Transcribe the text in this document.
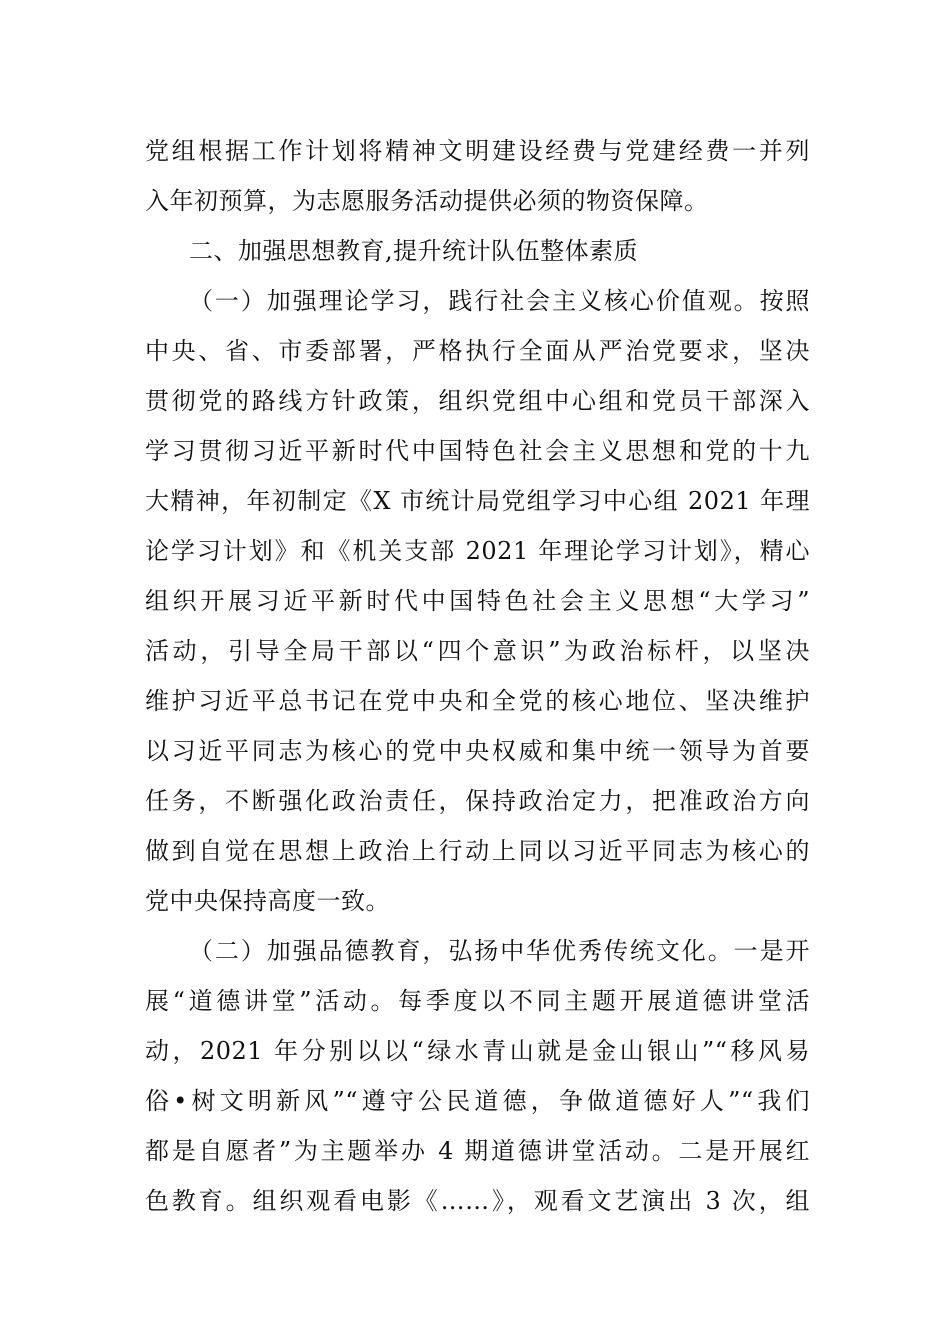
党组根据工作计划将精神文明建设经费与党建经费一并列
入年初预算，为志愿服务活动提供必须的物资保障。
二、加强思想教育,提升统计队伍整体素质
（一）加强理论学习，践行社会主义核心价值观。按照
中央、省、市委部署，严格执行全面从严治党要求，坚决
贯彻党的路线方针政策，组织党组中心组和党员干部深入
学习贯彻习近平新时代中国特色社会主义思想和党的十九
大精神，年初制定《X 市统计局党组学习中心组 2021 年理
论学习计划》和《机关支部 2021 年理论学习计划》，精心
组织开展习近平新时代中国特色社会主义思想“大学习”
活动，引导全局干部以“四个意识”为政治标杆，以坚决
维护习近平总书记在党中央和全党的核心地位、坚决维护
以习近平同志为核心的党中央权威和集中统一领导为首要
任务，不断强化政治责任，保持政治定力，把准政治方向
做到自觉在思想上政治上行动上同以习近平同志为核心的
党中央保持高度一致。
（二）加强品德教育，弘扬中华优秀传统文化。一是开
展“道德讲堂”活动。每季度以不同主题开展道德讲堂活
动，2021 年分别以以“绿水青山就是金山银山”“移风易
俗•树文明新风”“遵守公民道德，争做道德好人”“我们
都是自愿者”为主题举办 4 期道德讲堂活动。二是开展红
色教育。组织观看电影《……》，观看文艺演出 3 次，组
